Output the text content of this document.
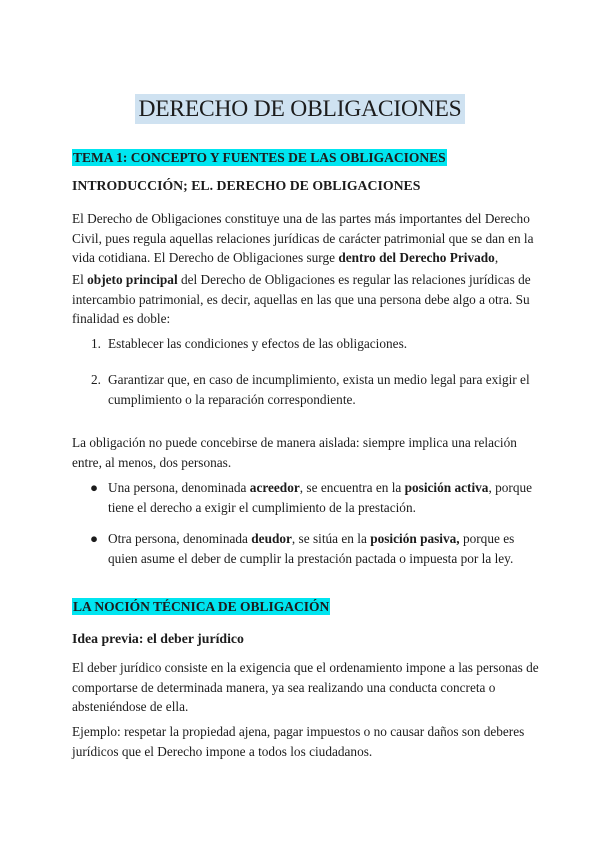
DERECHO DE OBLIGACIONES
TEMA 1: CONCEPTO Y FUENTES DE LAS OBLIGACIONES
INTRODUCCIÓN; EL. DERECHO DE OBLIGACIONES

El Derecho de Obligaciones constituye una de las partes más importantes del Derecho Civil, pues regula aquellas relaciones jurídicas de carácter patrimonial que se dan en la vida cotidiana. El Derecho de Obligaciones surge dentro del Derecho Privado,

El objeto principal del Derecho de Obligaciones es regular las relaciones jurídicas de intercambio patrimonial, es decir, aquellas en las que una persona debe algo a otra. Su finalidad es doble:

1. Establecer las condiciones y efectos de las obligaciones.
2. Garantizar que, en caso de incumplimiento, exista un medio legal para exigir el cumplimiento o la reparación correspondiente.

La obligación no puede concebirse de manera aislada: siempre implica una relación entre, al menos, dos personas.

● Una persona, denominada acreedor, se encuentra en la posición activa, porque tiene el derecho a exigir el cumplimiento de la prestación.
● Otra persona, denominada deudor, se sitúa en la posición pasiva, porque es quien asume el deber de cumplir la prestación pactada o impuesta por la ley.
LA NOCIÓN TÉCNICA DE OBLIGACIÓN
Idea previa: el deber jurídico

El deber jurídico consiste en la exigencia que el ordenamiento impone a las personas de comportarse de determinada manera, ya sea realizando una conducta concreta o absteniéndose de ella.

Ejemplo: respetar la propiedad ajena, pagar impuestos o no causar daños son deberes jurídicos que el Derecho impone a todos los ciudadanos.
